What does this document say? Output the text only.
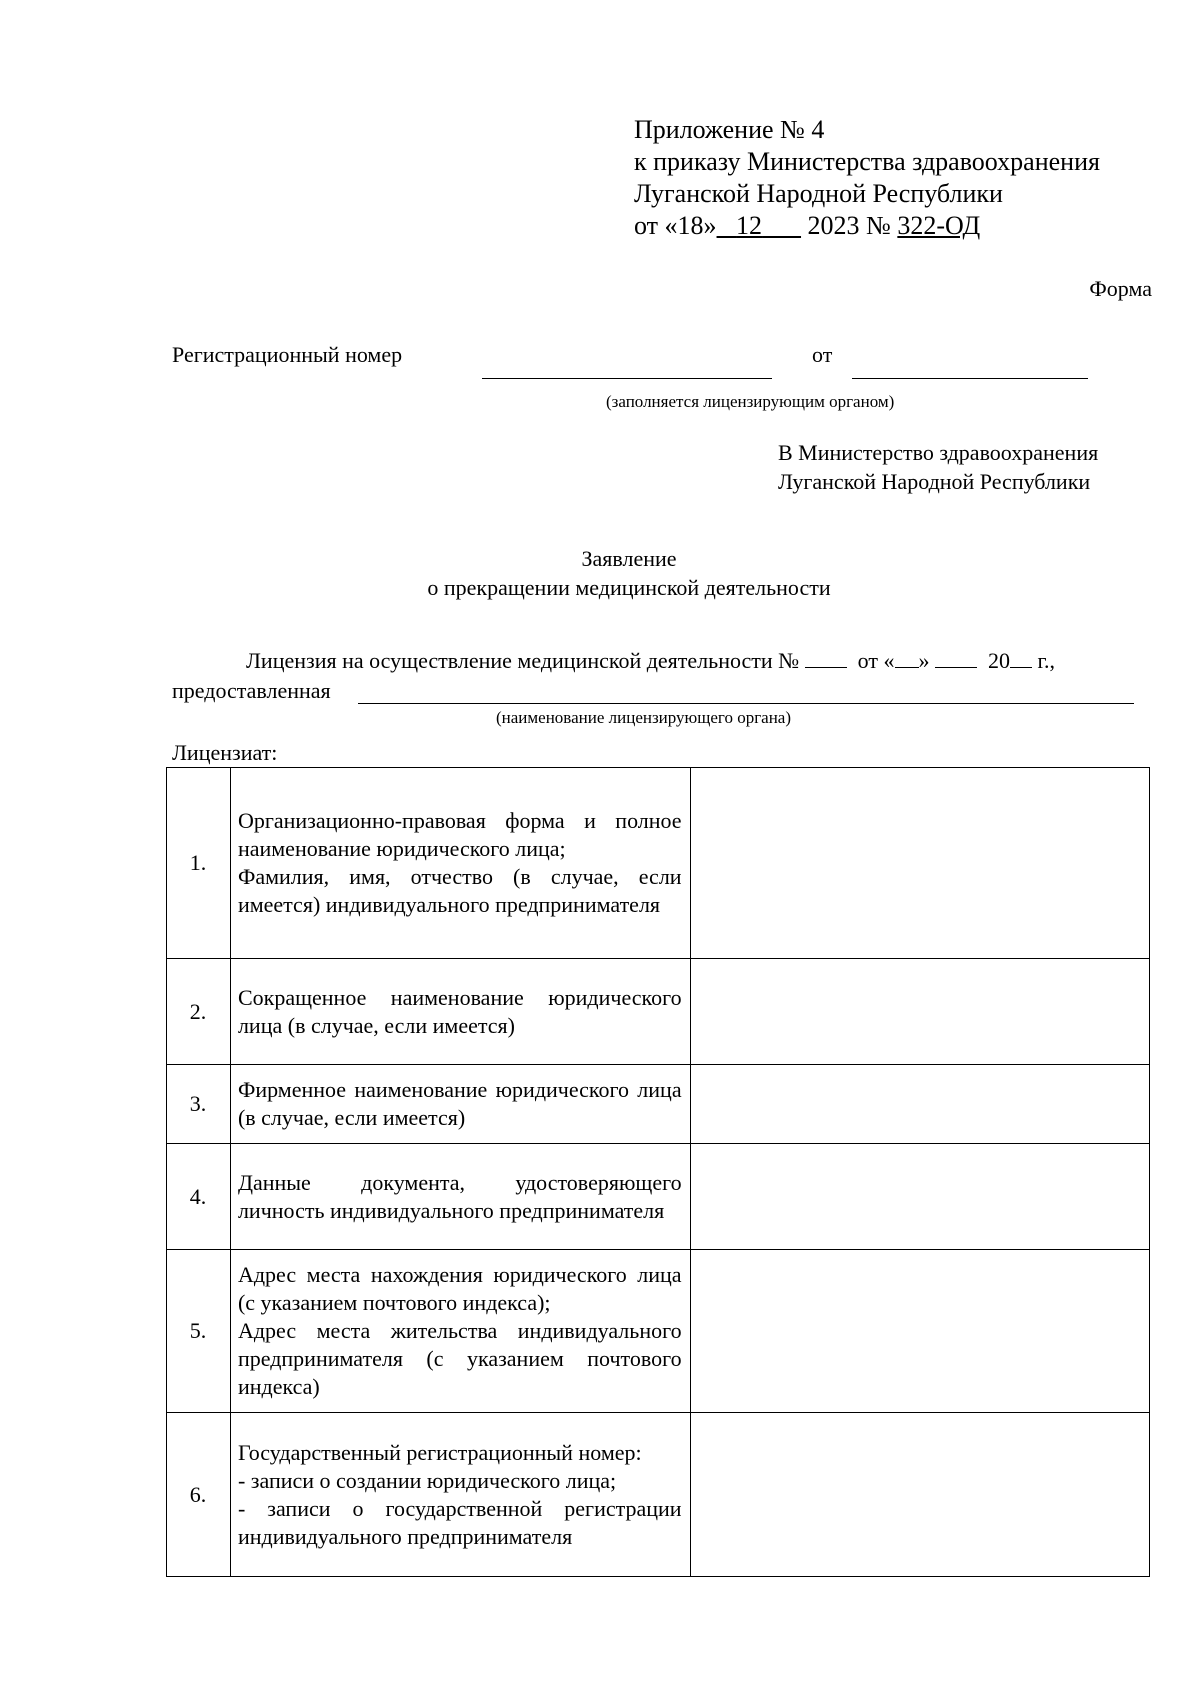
Приложение № 4
к приказу Министерства здравоохранения
Луганской Народной Республики
от «18» 12 2023 № 322-ОД
Форма
Регистрационный номер	от
(заполняется лицензирующим органом)
В Министерство здравоохранения
Луганской Народной Республики
Заявление
о прекращении медицинской деятельности
Лицензия на осуществление медицинской деятельности №	от « »	20 г.,
предоставленная
(наименование лицензирующего органа)
Лицензиат:
1.	Организационно-правовая форма и полное наименование юридического лица;
Фамилия, имя, отчество (в случае, если имеется) индивидуального предпринимателя	

2.	Сокращенное наименование юридического лица (в случае, если имеется)	

3.	Фирменное наименование юридического лица (в случае, если имеется)	

4.	Данные документа, удостоверяющего личность индивидуального предпринимателя	

5.	Адрес места нахождения юридического лица (с указанием почтового индекса);
Адрес места жительства индивидуального предпринимателя (с указанием почтового индекса)	

6.	Государственный регистрационный номер:
- записи о создании юридического лица;
- записи о государственной регистрации индивидуального предпринимателя	
